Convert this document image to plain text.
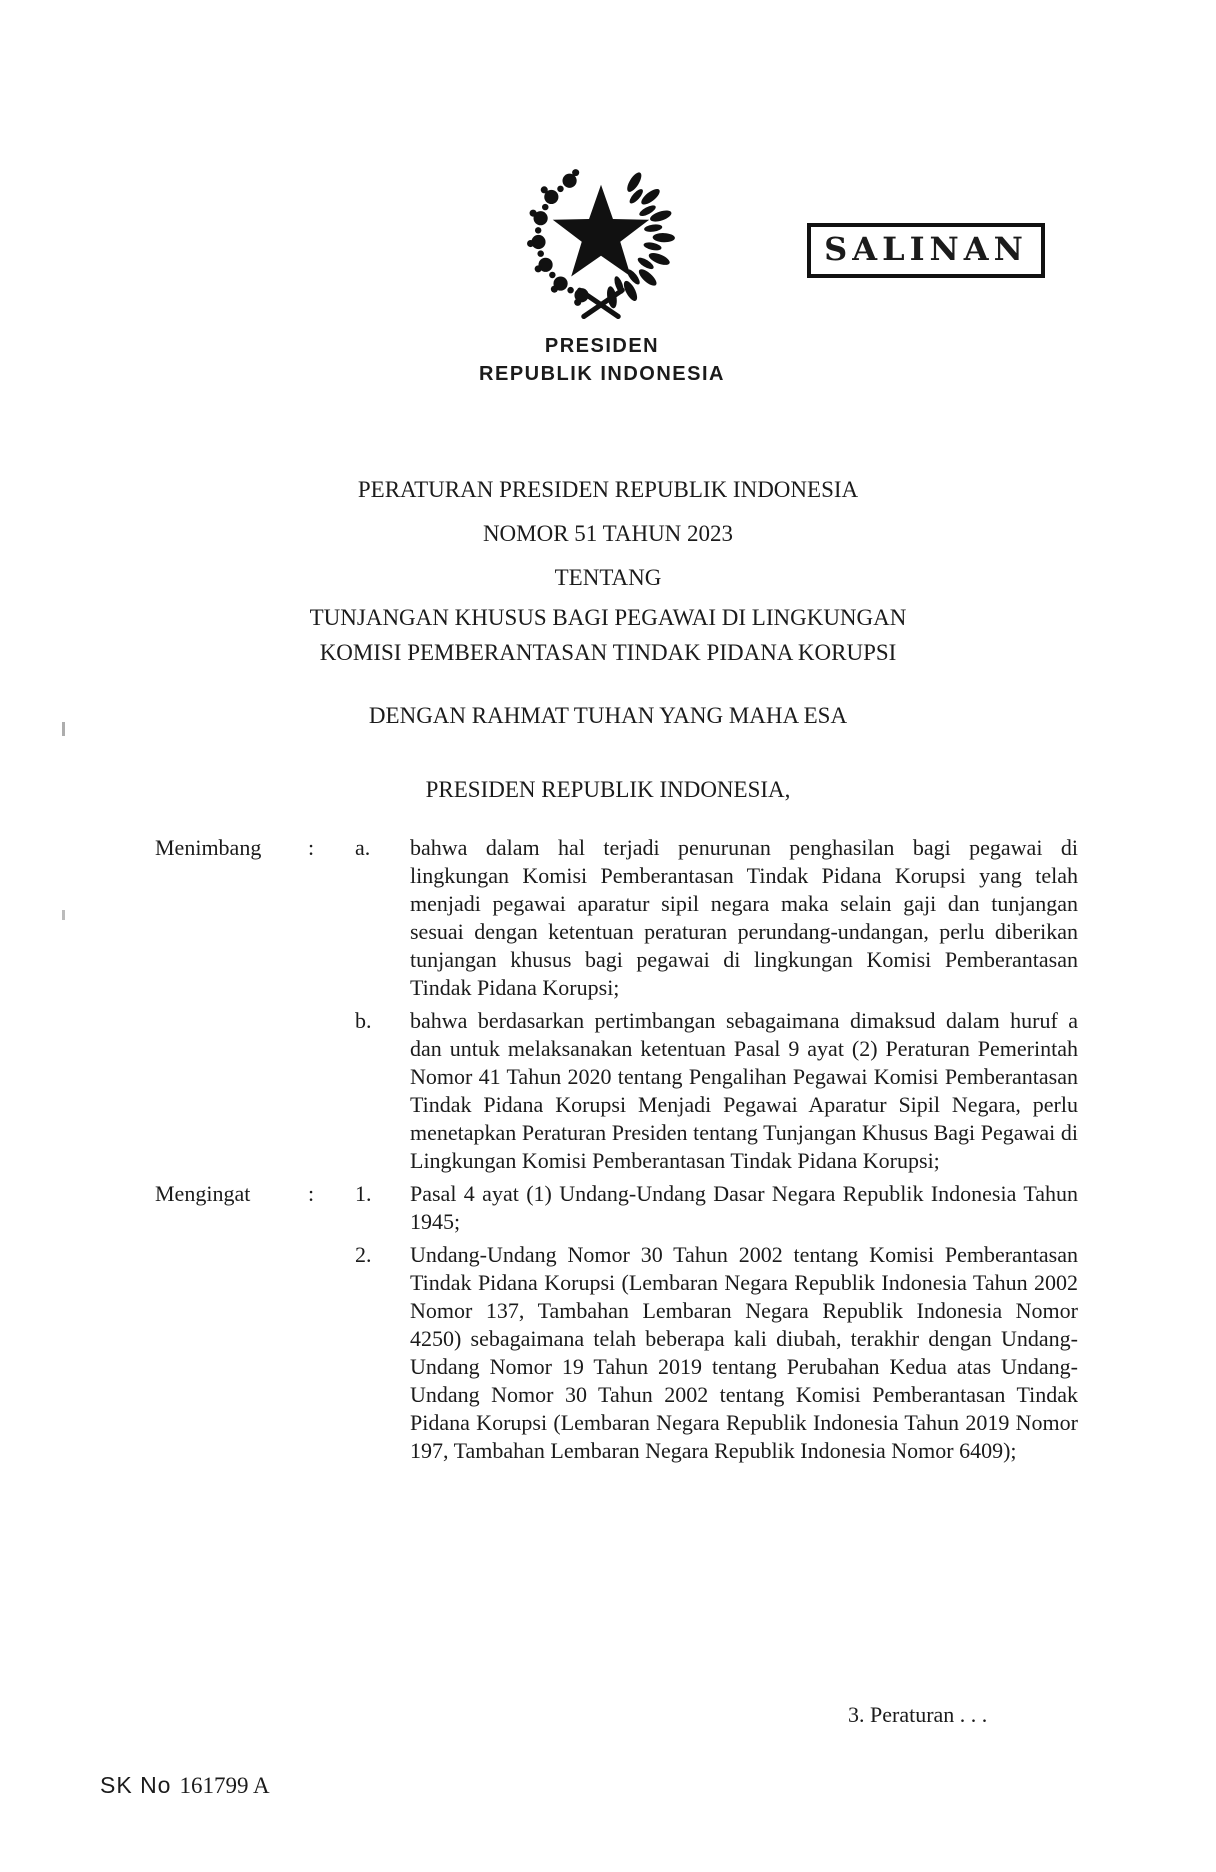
SALINAN
PRESIDEN
REPUBLIK INDONESIA
PERATURAN PRESIDEN REPUBLIK INDONESIA
NOMOR 51 TAHUN 2023
TENTANG
TUNJANGAN KHUSUS BAGI PEGAWAI DI LINGKUNGAN
KOMISI PEMBERANTASAN TINDAK PIDANA KORUPSI
DENGAN RAHMAT TUHAN YANG MAHA ESA
PRESIDEN REPUBLIK INDONESIA,
Menimbang	:	a.	bahwa dalam hal terjadi penurunan penghasilan bagi pegawai di lingkungan Komisi Pemberantasan Tindak Pidana Korupsi yang telah menjadi pegawai aparatur sipil negara maka selain gaji dan tunjangan sesuai dengan ketentuan peraturan perundang-undangan, perlu diberikan tunjangan khusus bagi pegawai di lingkungan Komisi Pemberantasan Tindak Pidana Korupsi;
b.	bahwa berdasarkan pertimbangan sebagaimana dimaksud dalam huruf a dan untuk melaksanakan ketentuan Pasal 9 ayat (2) Peraturan Pemerintah Nomor 41 Tahun 2020 tentang Pengalihan Pegawai Komisi Pemberantasan Tindak Pidana Korupsi Menjadi Pegawai Aparatur Sipil Negara, perlu menetapkan Peraturan Presiden tentang Tunjangan Khusus Bagi Pegawai di Lingkungan Komisi Pemberantasan Tindak Pidana Korupsi;
Mengingat	:	1.	Pasal 4 ayat (1) Undang-Undang Dasar Negara Republik Indonesia Tahun 1945;
2.	Undang-Undang Nomor 30 Tahun 2002 tentang Komisi Pemberantasan Tindak Pidana Korupsi (Lembaran Negara Republik Indonesia Tahun 2002 Nomor 137, Tambahan Lembaran Negara Republik Indonesia Nomor 4250) sebagaimana telah beberapa kali diubah, terakhir dengan Undang-Undang Nomor 19 Tahun 2019 tentang Perubahan Kedua atas Undang-Undang Nomor 30 Tahun 2002 tentang Komisi Pemberantasan Tindak Pidana Korupsi (Lembaran Negara Republik Indonesia Tahun 2019 Nomor 197, Tambahan Lembaran Negara Republik Indonesia Nomor 6409);
3. Peraturan . . .
SK No 161799 A
